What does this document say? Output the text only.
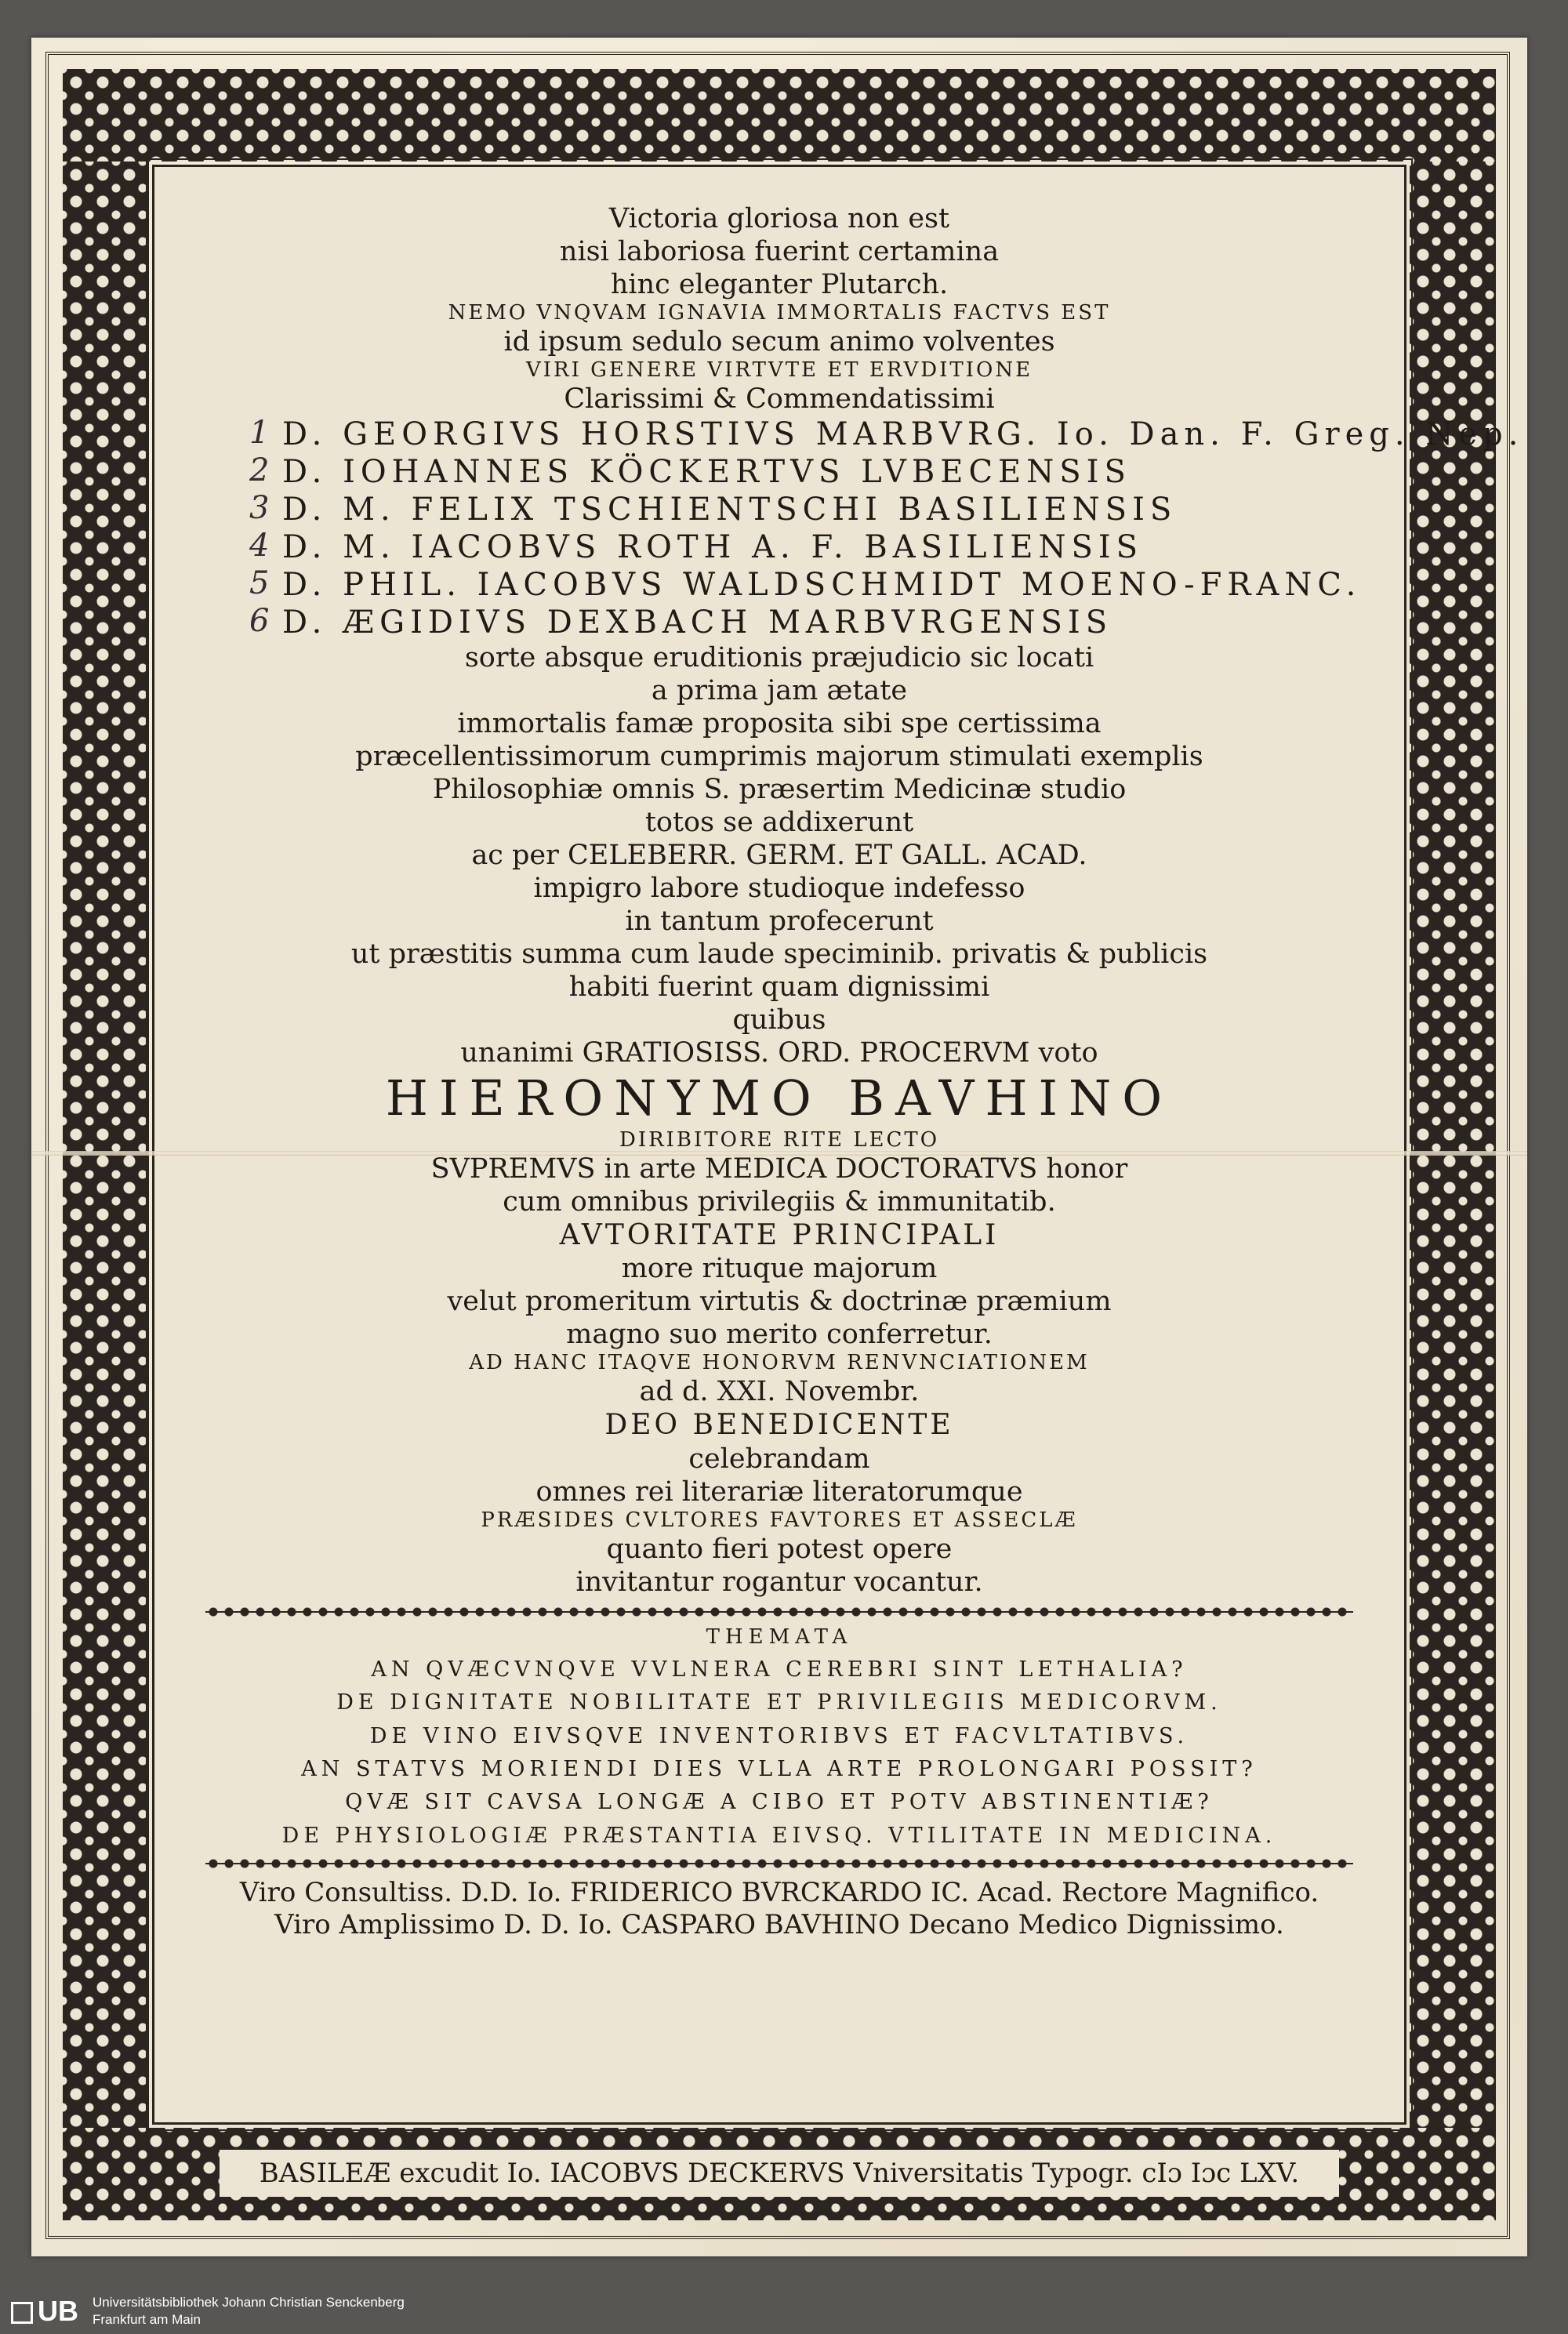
Victoria gloriosa non est

nisi laboriosa fuerint certamina

hinc eleganter Plutarch.

NEMO VNQVAM IGNAVIA IMMORTALIS FACTVS EST

id ipsum sedulo secum animo volventes

VIRI GENERE VIRTVTE ET ERVDITIONE

Clarissimi & Commendatissimi

1 D. GEORGIVS HORSTIVS MARBVRG. Io. Dan. F. Greg. Nep.

2 D. IOHANNES KÖCKERTVS LVBECENSIS

3 D. M. FELIX TSCHIENTSCHI BASILIENSIS

4 D. M. IACOBVS ROTH A. F. BASILIENSIS

5 D. PHIL. IACOBVS WALDSCHMIDT MOENO-FRANC.

6 D. ÆGIDIVS DEXBACH MARBVRGENSIS

sorte absque eruditionis præjudicio sic locati

a prima jam ætate

immortalis famæ proposita sibi spe certissima

præcellentissimorum cumprimis majorum stimulati exemplis

Philosophiæ omnis S. præsertim Medicinæ studio

totos se addixerunt

ac per CELEBERR. GERM. ET GALL. ACAD.

impigro labore studioque indefesso

in tantum profecerunt

ut præstitis summa cum laude speciminib. privatis & publicis

habiti fuerint quam dignissimi

quibus

unanimi GRATIOSISS. ORD. PROCERVM voto

HIERONYMO BAVHINO

DIRIBITORE RITE LECTO

SVPREMVS in arte MEDICA DOCTORATVS honor

cum omnibus privilegiis & immunitatib.

AVTORITATE PRINCIPALI

more rituque majorum

velut promeritum virtutis & doctrinæ præmium

magno suo merito conferretur.

AD HANC ITAQVE HONORVM RENVNCIATIONEM

ad d. XXI. Novembr.

DEO BENEDICENTE

celebrandam

omnes rei literariæ literatorumque

PRÆSIDES CVLTORES FAVTORES ET ASSECLÆ

quanto fieri potest opere

invitantur rogantur vocantur.

THEMATA

AN QVÆCVNQVE VVLNERA CEREBRI SINT LETHALIA?

DE DIGNITATE NOBILITATE ET PRIVILEGIIS MEDICORVM.

DE VINO EIVSQVE INVENTORIBVS ET FACVLTATIBVS.

AN STATVS MORIENDI DIES VLLA ARTE PROLONGARI POSSIT?

QVÆ SIT CAVSA LONGÆ A CIBO ET POTV ABSTINENTIÆ?

DE PHYSIOLOGIÆ PRÆSTANTIA EIVSQ. VTILITATE IN MEDICINA.

Viro Consultiss. D.D. Io. FRIDERICO BVRCKARDO IC. Acad. Rectore Magnifico.

Viro Amplissimo D. D. Io. CASPARO BAVHINO Decano Medico Dignissimo.

BASILEÆ excudit Io. IACOBVS DECKERVS Vniversitatis Typogr. cIɔ Iɔc LXV.
UB	Universitätsbibliothek Johann Christian Senckenberg
Frankfurt am Main
